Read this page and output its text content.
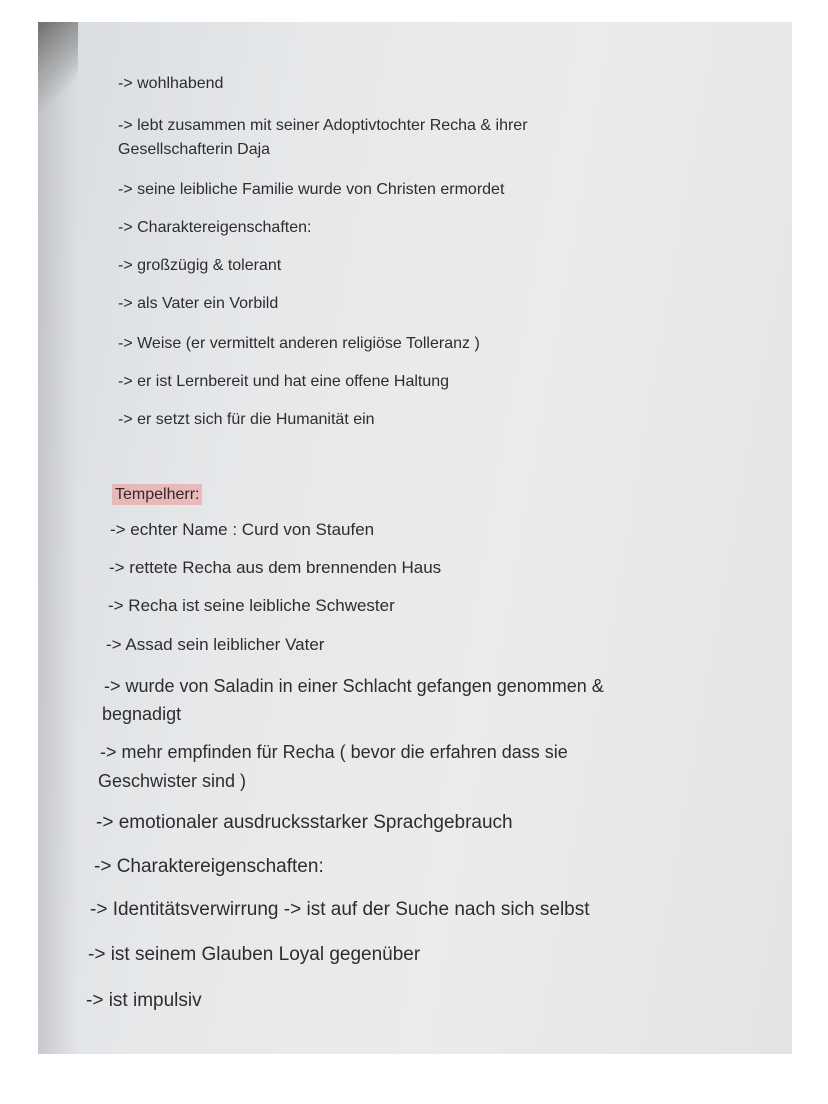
-> wohlhabend
-> lebt zusammen mit seiner Adoptivtochter Recha & ihrer
Gesellschafterin Daja
-> seine leibliche Familie wurde von Christen ermordet
-> Charaktereigenschaften:
-> großzügig & tolerant
-> als Vater ein Vorbild
-> Weise (er vermittelt anderen religiöse Tolleranz )
-> er ist Lernbereit und hat eine offene Haltung
-> er setzt sich für die Humanität ein
Tempelherr:
-> echter Name : Curd von Staufen
-> rettete Recha aus dem brennenden Haus
-> Recha ist seine leibliche Schwester
-> Assad sein leiblicher Vater
-> wurde von Saladin in einer Schlacht gefangen genommen &
begnadigt
-> mehr empfinden für Recha ( bevor die erfahren dass sie
Geschwister sind )
-> emotionaler ausdrucksstarker Sprachgebrauch
-> Charaktereigenschaften:
-> Identitätsverwirrung -> ist auf der Suche nach sich selbst
-> ist seinem Glauben Loyal gegenüber
-> ist impulsiv
